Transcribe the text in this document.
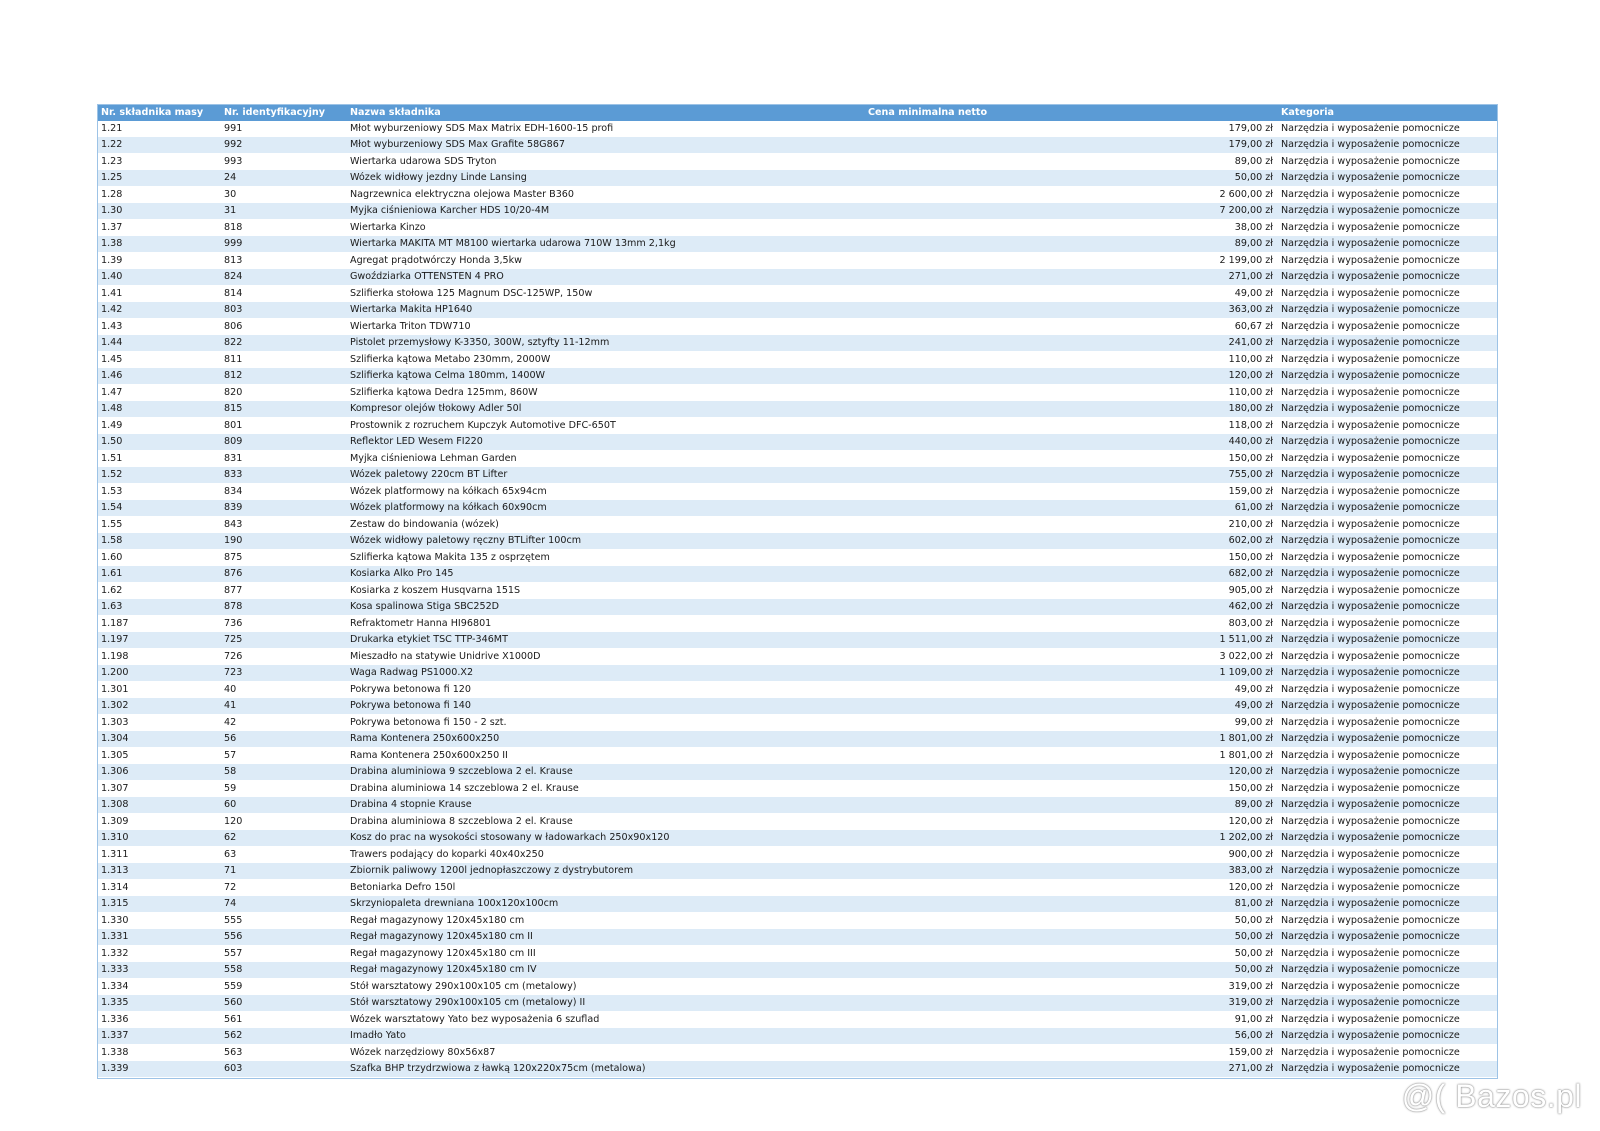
Nr. składnika masy	Nr. identyfikacyjny	Nazwa składnika	Cena minimalna netto	Kategoria
1.21	991	Młot wyburzeniowy SDS Max Matrix EDH-1600-15 profi	179,00 zł Narzędzia i wyposażenie pomocnicze
1.22	992	Młot wyburzeniowy SDS Max Grafite 58G867	179,00 zł Narzędzia i wyposażenie pomocnicze
1.23	993	Wiertarka udarowa SDS Tryton	89,00 zł Narzędzia i wyposażenie pomocnicze
1.25	24	Wózek widłowy jezdny Linde Lansing	50,00 zł Narzędzia i wyposażenie pomocnicze
1.28	30	Nagrzewnica elektryczna olejowa Master B360	2 600,00 zł Narzędzia i wyposażenie pomocnicze
1.30	31	Myjka ciśnieniowa Karcher HDS 10/20-4M	7 200,00 zł Narzędzia i wyposażenie pomocnicze
1.37	818	Wiertarka Kinzo	38,00 zł Narzędzia i wyposażenie pomocnicze
1.38	999	Wiertarka MAKITA MT M8100 wiertarka udarowa 710W 13mm 2,1kg	89,00 zł Narzędzia i wyposażenie pomocnicze
1.39	813	Agregat prądotwórczy Honda 3,5kw	2 199,00 zł Narzędzia i wyposażenie pomocnicze
1.40	824	Gwoździarka OTTENSTEN 4 PRO	271,00 zł Narzędzia i wyposażenie pomocnicze
1.41	814	Szlifierka stołowa 125 Magnum DSC-125WP, 150w	49,00 zł Narzędzia i wyposażenie pomocnicze
1.42	803	Wiertarka Makita HP1640	363,00 zł Narzędzia i wyposażenie pomocnicze
1.43	806	Wiertarka Triton TDW710	60,67 zł Narzędzia i wyposażenie pomocnicze
1.44	822	Pistolet przemysłowy K-3350, 300W, sztyfty 11-12mm	241,00 zł Narzędzia i wyposażenie pomocnicze
1.45	811	Szlifierka kątowa Metabo 230mm, 2000W	110,00 zł Narzędzia i wyposażenie pomocnicze
1.46	812	Szlifierka kątowa Celma 180mm, 1400W	120,00 zł Narzędzia i wyposażenie pomocnicze
1.47	820	Szlifierka kątowa Dedra 125mm, 860W	110,00 zł Narzędzia i wyposażenie pomocnicze
1.48	815	Kompresor olejów tłokowy Adler 50l	180,00 zł Narzędzia i wyposażenie pomocnicze
1.49	801	Prostownik z rozruchem Kupczyk Automotive DFC-650T	118,00 zł Narzędzia i wyposażenie pomocnicze
1.50	809	Reflektor LED Wesem FI220	440,00 zł Narzędzia i wyposażenie pomocnicze
1.51	831	Myjka ciśnieniowa Lehman Garden	150,00 zł Narzędzia i wyposażenie pomocnicze
1.52	833	Wózek paletowy 220cm BT Lifter	755,00 zł Narzędzia i wyposażenie pomocnicze
1.53	834	Wózek platformowy na kółkach 65x94cm	159,00 zł Narzędzia i wyposażenie pomocnicze
1.54	839	Wózek platformowy na kółkach 60x90cm	61,00 zł Narzędzia i wyposażenie pomocnicze
1.55	843	Zestaw do bindowania (wózek)	210,00 zł Narzędzia i wyposażenie pomocnicze
1.58	190	Wózek widłowy paletowy ręczny BTLifter 100cm	602,00 zł Narzędzia i wyposażenie pomocnicze
1.60	875	Szlifierka kątowa Makita 135 z osprzętem	150,00 zł Narzędzia i wyposażenie pomocnicze
1.61	876	Kosiarka Alko Pro 145	682,00 zł Narzędzia i wyposażenie pomocnicze
1.62	877	Kosiarka z koszem Husqvarna 151S	905,00 zł Narzędzia i wyposażenie pomocnicze
1.63	878	Kosa spalinowa Stiga SBC252D	462,00 zł Narzędzia i wyposażenie pomocnicze
1.187	736	Refraktometr Hanna HI96801	803,00 zł Narzędzia i wyposażenie pomocnicze
1.197	725	Drukarka etykiet TSC TTP-346MT	1 511,00 zł Narzędzia i wyposażenie pomocnicze
1.198	726	Mieszadło na statywie Unidrive X1000D	3 022,00 zł Narzędzia i wyposażenie pomocnicze
1.200	723	Waga Radwag PS1000.X2	1 109,00 zł Narzędzia i wyposażenie pomocnicze
1.301	40	Pokrywa betonowa fi 120	49,00 zł Narzędzia i wyposażenie pomocnicze
1.302	41	Pokrywa betonowa fi 140	49,00 zł Narzędzia i wyposażenie pomocnicze
1.303	42	Pokrywa betonowa fi 150 - 2 szt.	99,00 zł Narzędzia i wyposażenie pomocnicze
1.304	56	Rama Kontenera 250x600x250	1 801,00 zł Narzędzia i wyposażenie pomocnicze
1.305	57	Rama Kontenera 250x600x250 II	1 801,00 zł Narzędzia i wyposażenie pomocnicze
1.306	58	Drabina aluminiowa 9 szczeblowa 2 el. Krause	120,00 zł Narzędzia i wyposażenie pomocnicze
1.307	59	Drabina aluminiowa 14 szczeblowa 2 el. Krause	150,00 zł Narzędzia i wyposażenie pomocnicze
1.308	60	Drabina 4 stopnie Krause	89,00 zł Narzędzia i wyposażenie pomocnicze
1.309	120	Drabina aluminiowa 8 szczeblowa 2 el. Krause	120,00 zł Narzędzia i wyposażenie pomocnicze
1.310	62	Kosz do prac na wysokości stosowany w ładowarkach 250x90x120	1 202,00 zł Narzędzia i wyposażenie pomocnicze
1.311	63	Trawers podający do koparki 40x40x250	900,00 zł Narzędzia i wyposażenie pomocnicze
1.313	71	Zbiornik paliwowy 1200l jednopłaszczowy z dystrybutorem	383,00 zł Narzędzia i wyposażenie pomocnicze
1.314	72	Betoniarka Defro 150l	120,00 zł Narzędzia i wyposażenie pomocnicze
1.315	74	Skrzyniopaleta drewniana 100x120x100cm	81,00 zł Narzędzia i wyposażenie pomocnicze
1.330	555	Regał magazynowy 120x45x180 cm	50,00 zł Narzędzia i wyposażenie pomocnicze
1.331	556	Regał magazynowy 120x45x180 cm II	50,00 zł Narzędzia i wyposażenie pomocnicze
1.332	557	Regał magazynowy 120x45x180 cm III	50,00 zł Narzędzia i wyposażenie pomocnicze
1.333	558	Regał magazynowy 120x45x180 cm IV	50,00 zł Narzędzia i wyposażenie pomocnicze
1.334	559	Stół warsztatowy 290x100x105 cm (metalowy)	319,00 zł Narzędzia i wyposażenie pomocnicze
1.335	560	Stół warsztatowy 290x100x105 cm (metalowy) II	319,00 zł Narzędzia i wyposażenie pomocnicze
1.336	561	Wózek warsztatowy Yato bez wyposażenia 6 szuflad	91,00 zł Narzędzia i wyposażenie pomocnicze
1.337	562	Imadło Yato	56,00 zł Narzędzia i wyposażenie pomocnicze
1.338	563	Wózek narzędziowy 80x56x87	159,00 zł Narzędzia i wyposażenie pomocnicze
1.339	603	Szafka BHP trzydrzwiowa z ławką 120x220x75cm (metalowa)	271,00 zł Narzędzia i wyposażenie pomocnicze
@( Bazos.pl
